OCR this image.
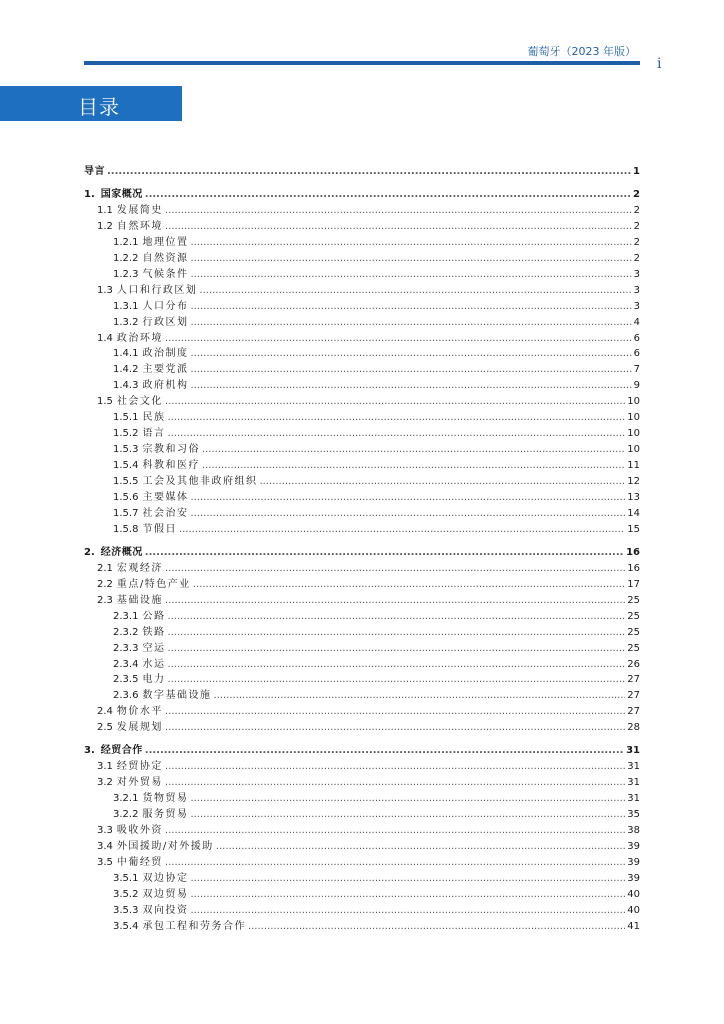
葡萄牙（2023 年版）
i
目录
导言 .....	1
1. 国家概况 .....	2
1.1 发展简史 .....	2
1.2 自然环境 .....	2
1.2.1 地理位置 .....	2
1.2.2 自然资源 .....	2
1.2.3 气候条件 .....	3
1.3 人口和行政区划 .....	3
1.3.1 人口分布 .....	3
1.3.2 行政区划 .....	4
1.4 政治环境 .....	6
1.4.1 政治制度 .....	6
1.4.2 主要党派 .....	7
1.4.3 政府机构 .....	9
1.5 社会文化 .....	10
1.5.1 民族 .....	10
1.5.2 语言 .....	10
1.5.3 宗教和习俗 .....	10
1.5.4 科教和医疗 .....	11
1.5.5 工会及其他非政府组织 .....	12
1.5.6 主要媒体 .....	13
1.5.7 社会治安 .....	14
1.5.8 节假日 .....	15
2. 经济概况 .....	16
2.1 宏观经济 .....	16
2.2 重点/特色产业 .....	17
2.3 基础设施 .....	25
2.3.1 公路 .....	25
2.3.2 铁路 .....	25
2.3.3 空运 .....	25
2.3.4 水运 .....	26
2.3.5 电力 .....	27
2.3.6 数字基础设施 .....	27
2.4 物价水平 .....	27
2.5 发展规划 .....	28
3. 经贸合作 .....	31
3.1 经贸协定 .....	31
3.2 对外贸易 .....	31
3.2.1 货物贸易 .....	31
3.2.2 服务贸易 .....	35
3.3 吸收外资 .....	38
3.4 外国援助/对外援助 .....	39
3.5 中葡经贸 .....	39
3.5.1 双边协定 .....	39
3.5.2 双边贸易 .....	40
3.5.3 双向投资 .....	40
3.5.4 承包工程和劳务合作 .....	41
